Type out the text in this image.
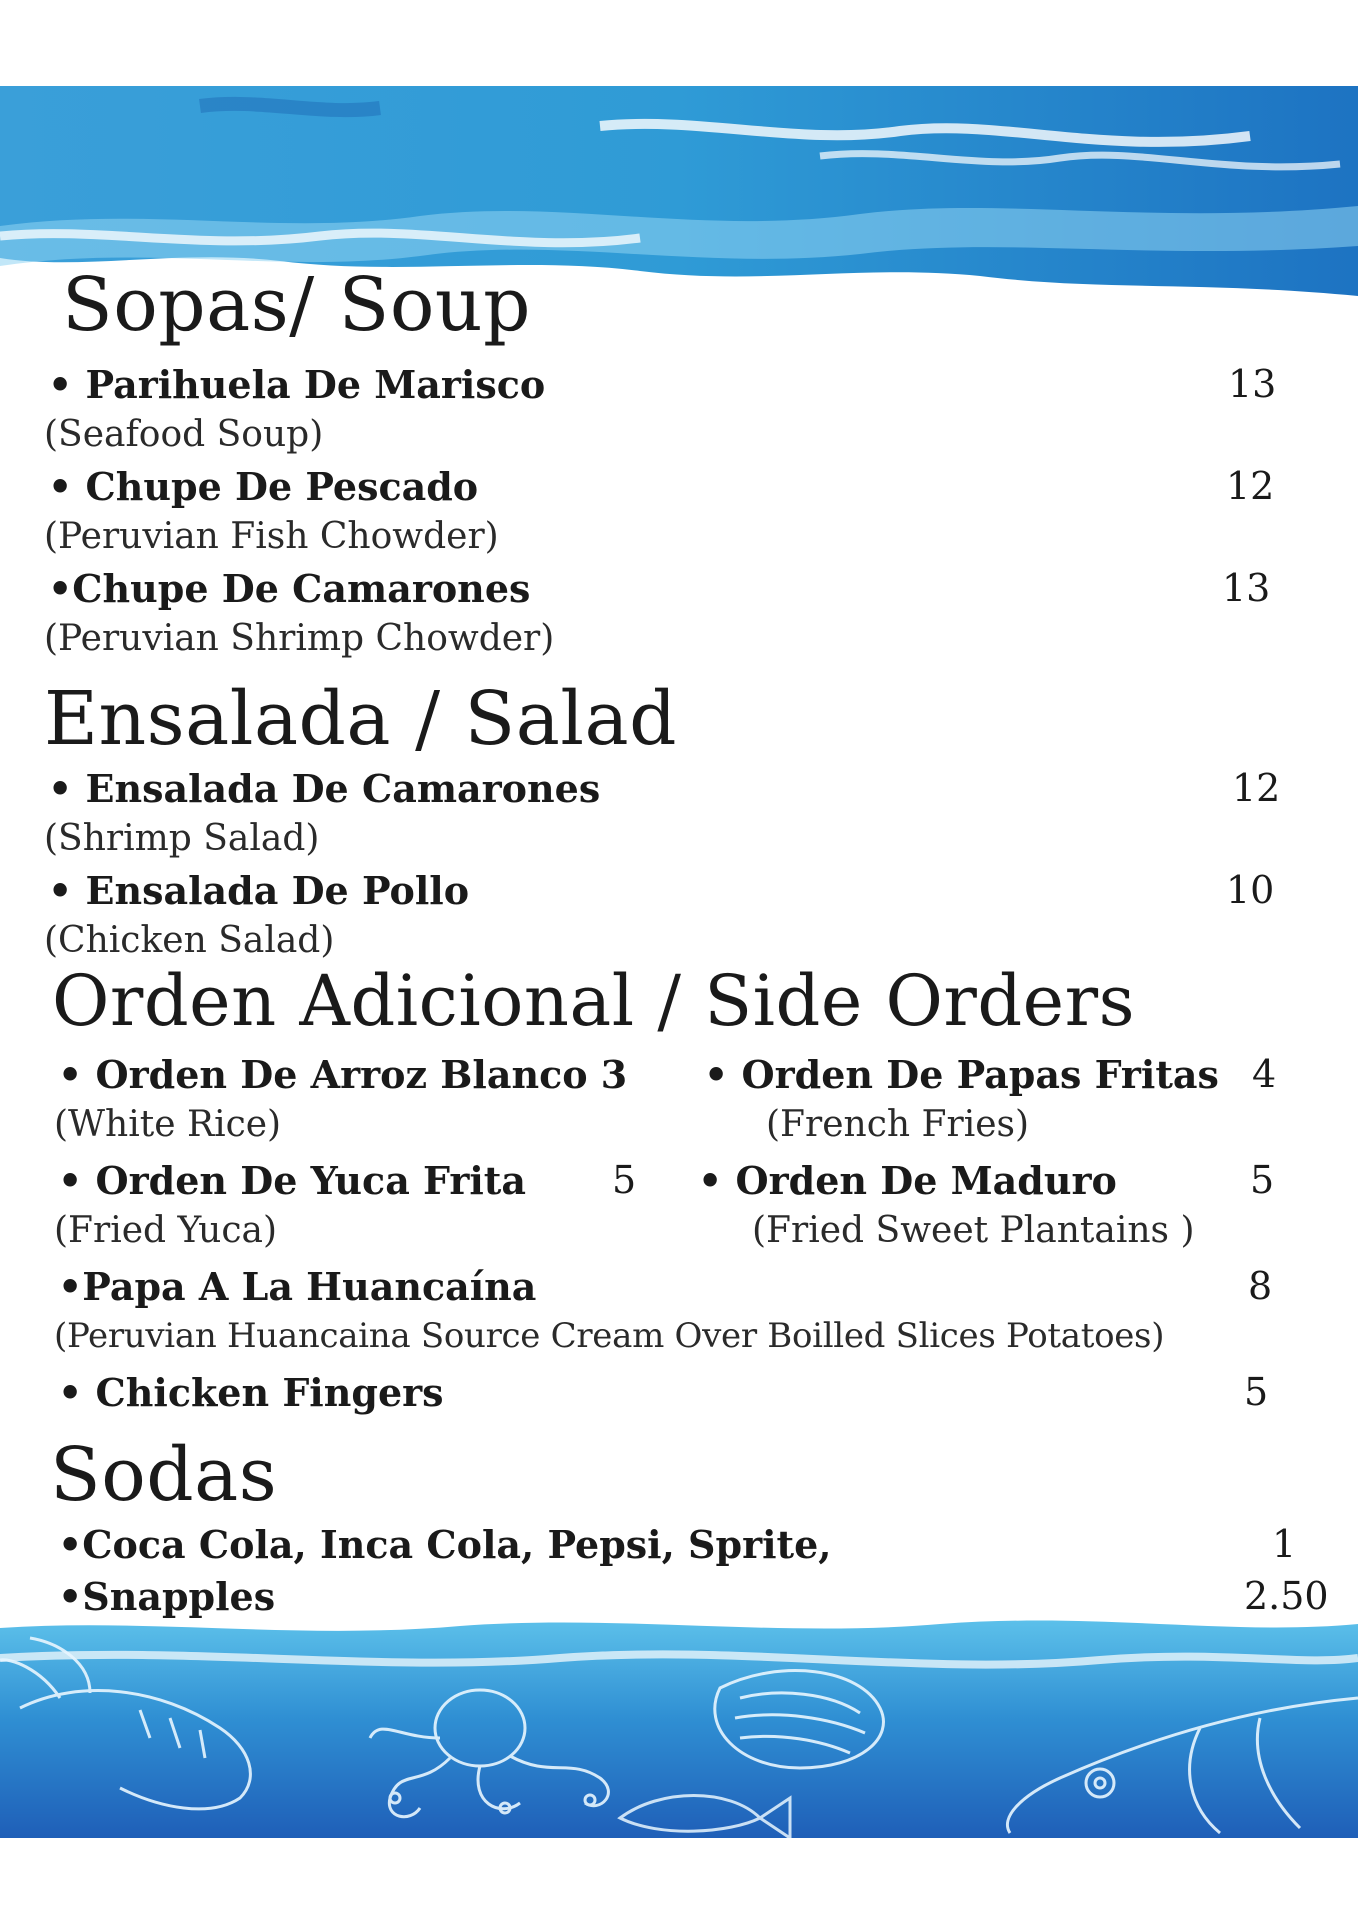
Sopas/ Soup
• Parihuela De Marisco	13
(Seafood Soup)
• Chupe De Pescado	12
(Peruvian Fish Chowder)
•Chupe De Camarones	13
(Peruvian Shrimp Chowder)
Ensalada / Salad
• Ensalada De Camarones	12
(Shrimp Salad)
• Ensalada De Pollo	10
(Chicken Salad)
Orden Adicional / Side Orders
• Orden De Arroz Blanco 3
(White Rice)
• Orden De Papas Fritas 4
(French Fries)
• Orden De Yuca Frita 5
(Fried Yuca)
• Orden De Maduro	5
(Fried Sweet Plantains )
•Papa A La Huancaína	8
(Peruvian Huancaina Source Cream Over Boilled Slices Potatoes)
• Chicken Fingers	5
Sodas
•Coca Cola, Inca Cola, Pepsi, Sprite,	1
•Snapples	2.50
